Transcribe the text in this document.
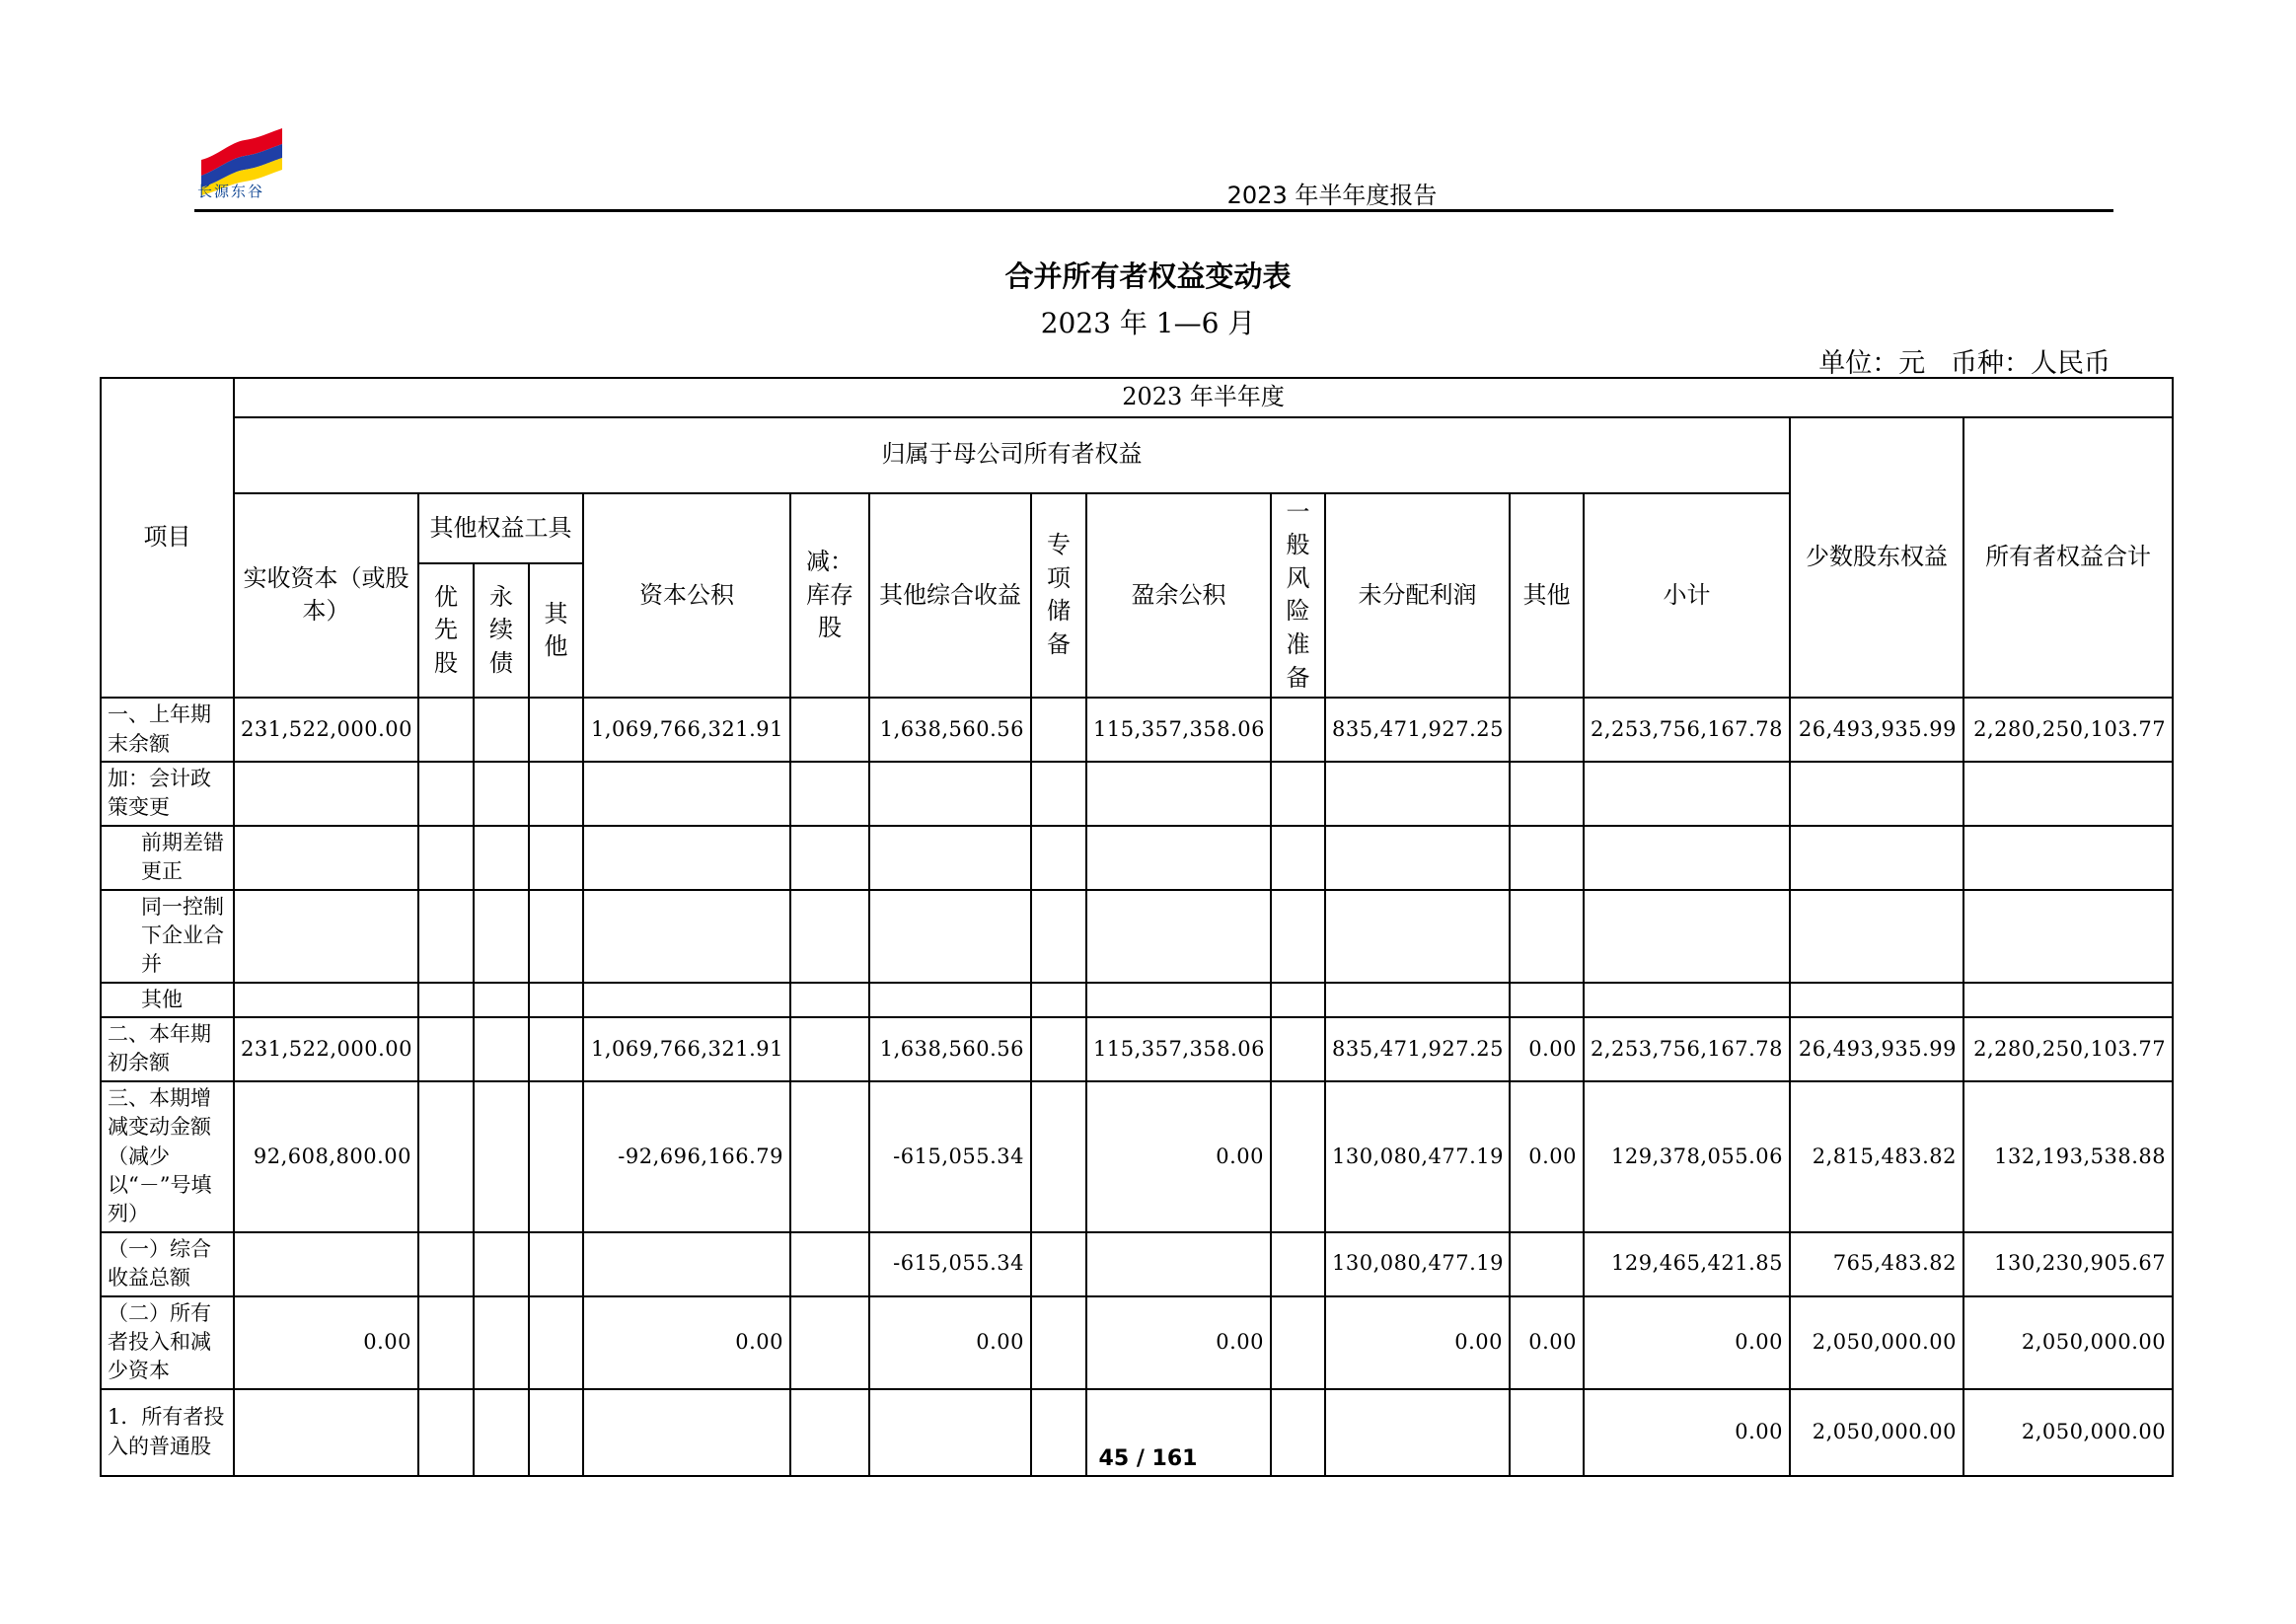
长源东谷	2023 年半年度报告
合并所有者权益变动表
2023 年 1—6 月
单位：元   币种：人民币
项目	2023 年半年度														
	归属于母公司所有者权益													少数股东权益	所有者权益合计
	实收资本（或股本）	其他权益工具			资本公积	减：库存股	其他综合收益	专项储备	盈余公积	一般风险准备	未分配利润	其他	小计		
		优先股	永续债	其他											
一、上年期末余额	231,522,000.00				1,069,766,321.91		1,638,560.56		115,357,358.06		835,471,927.25		2,253,756,167.78	26,493,935.99	2,280,250,103.77
加：会计政策变更															
前期差错更正															
同一控制下企业合并															
其他															
二、本年期初余额	231,522,000.00				1,069,766,321.91		1,638,560.56		115,357,358.06		835,471,927.25	0.00	2,253,756,167.78	26,493,935.99	2,280,250,103.77
三、本期增减变动金额（减少以“－”号填列）	92,608,800.00				-92,696,166.79		-615,055.34		0.00		130,080,477.19	0.00	129,378,055.06	2,815,483.82	132,193,538.88
（一）综合收益总额							-615,055.34				130,080,477.19		129,465,421.85	765,483.82	130,230,905.67
（二）所有者投入和减少资本	0.00				0.00		0.00		0.00		0.00	0.00	0.00	2,050,000.00	2,050,000.00
1．所有者投入的普通股													0.00	2,050,000.00	2,050,000.00
45 / 161
